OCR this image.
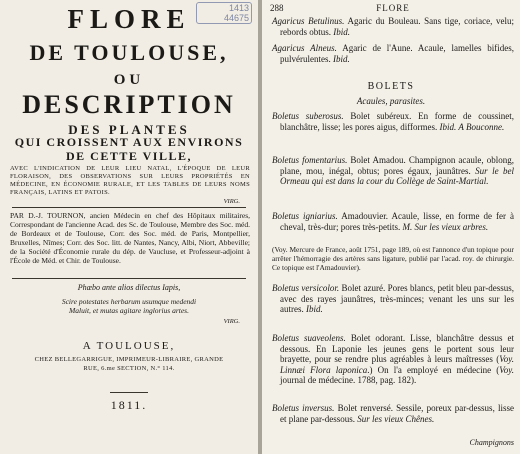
1413
44675
FLORE
DE TOULOUSE,
OU
DESCRIPTION
DES PLANTES
QUI CROISSENT AUX ENVIRONS
DE CETTE VILLE,
AVEC L'INDICATION DE LEUR LIEU NATAL, L'ÉPOQUE DE LEUR FLORAISON, DES OBSERVATIONS SUR LEURS PROPRIÉTÉS EN MÉDECINE, EN ÉCONOMIE RURALE, ET LES TABLES DE LEURS NOMS FRANÇAIS, LATINS ET PATOIS.
VIRG.
PAR D.-J. TOURNON, ancien Médecin en chef des Hôpitaux militaires, Correspondant de l'ancienne Acad. des Sc. de Toulouse, Membre des Soc. méd. de Bordeaux et de Toulouse, Corr. des Soc. méd. de Paris, Montpellier, Bruxelles, Nîmes; Corr. des Soc. litt. de Nantes, Nancy, Albi, Niort, Abbeville; de la Société d'Économie rurale du dép. de Vaucluse, et Professeur-adjoint à l'École de Méd. et Chir. de Toulouse.
Phæbo ante alios dilectus Iapis,
Scire potestates herbarum usumque medendi
Maluit, et mutas agitare inglorius artes.
VIRG.
A TOULOUSE,
CHEZ BELLEGARRIGUE, IMPRIMEUR-LIBRAIRE, GRANDE
RUE, 6.me SECTION, N.° 114.
1811.
FLORE
288
Agaricus Betulinus. Agaric du Bouleau. Sans tige, coriace, velu; rebords obtus. Ibid.
Agaricus Alneus. Agaric de l'Aune. Acaule, lamelles bifides, pulvérulentes. Ibid.
BOLETS
Acaules, parasites.
Boletus suberosus. Bolet subéreux. En forme de coussinet, blanchâtre, lisse; les pores aigus, difformes. Ibid. A Bouconne.
Boletus fomentarius. Bolet Amadou. Champignon acaule, oblong, plane, mou, inégal, obtus; pores égaux, jaunâtres. Sur le bel Ormeau qui est dans la cour du Collège de Saint-Martial.
Boletus igniarius. Amadouvier. Acaule, lisse, en forme de fer à cheval, très-dur; pores très-petits. M. Sur les vieux arbres.
(Voy. Mercure de France, août 1751, page 189, où est l'annonce d'un topique pour arrêter l'hémorragie des artères sans ligature, publié par l'acad. roy. de chirurgie. Ce topique est l'Amadouvier).
Boletus versicolor. Bolet azuré. Pores blancs, petit bleu par-dessus, avec des rayes jaunâtres, très-minces; venant les uns sur les autres. Ibid.
Boletus suaveolens. Bolet odorant. Lisse, blanchâtre dessus et dessous. En Laponie les jeunes gens le portent sous leur brayette, pour se rendre plus agréables à leurs maîtresses (Voy. Linnæi Flora laponica.) On l'a employé en médecine (Voy. journal de médecine. 1788, pag. 182).
Boletus inversus. Bolet renversé. Sessile, poreux par-dessus, lisse et plane par-dessous. Sur les vieux Chênes.
Champignons
